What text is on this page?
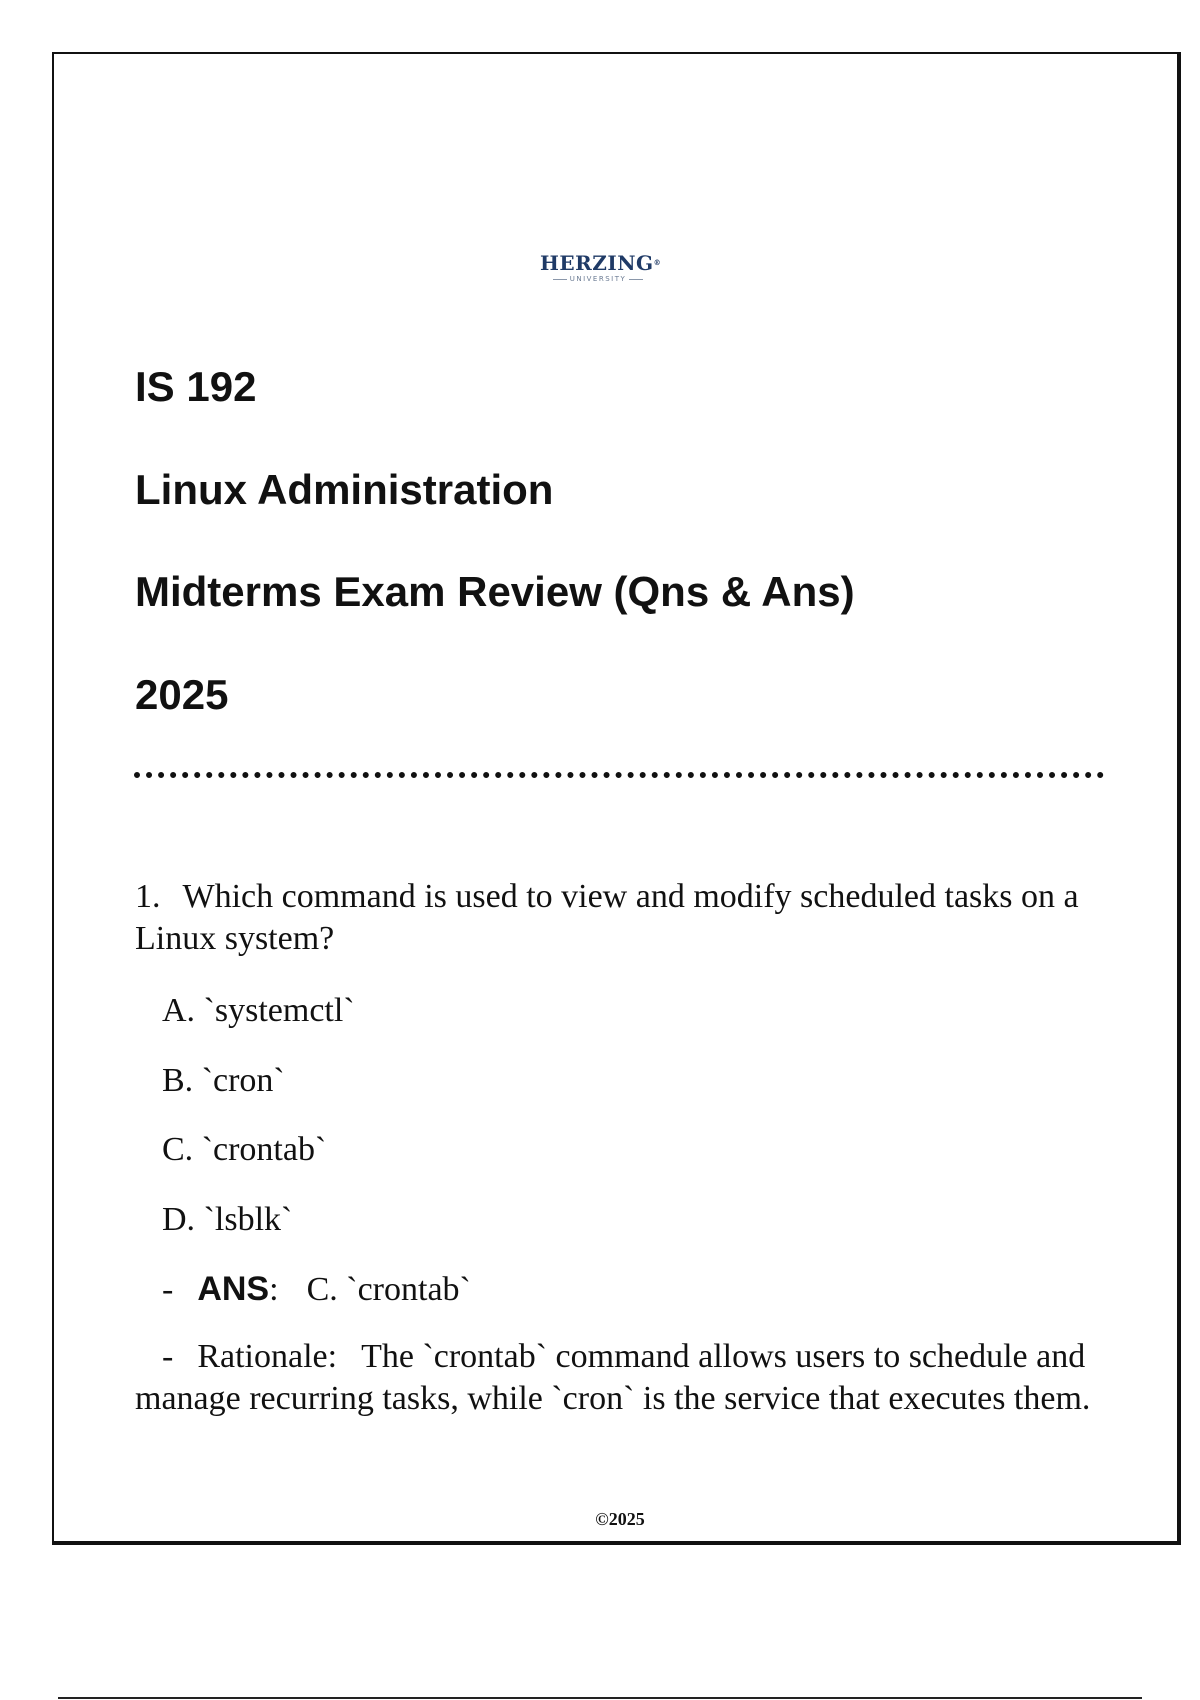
HERZING®
UNIVERSITY
IS 192
Linux Administration
Midterms Exam Review (Qns & Ans)
2025
1. Which command is used to view and modify scheduled tasks on a Linux system?
A. `systemctl`
B. `cron`
C. `crontab`
D. `lsblk`
- ANS: C. `crontab`
- Rationale: The `crontab` command allows users to schedule and manage recurring tasks, while `cron` is the service that executes them.
©2025
